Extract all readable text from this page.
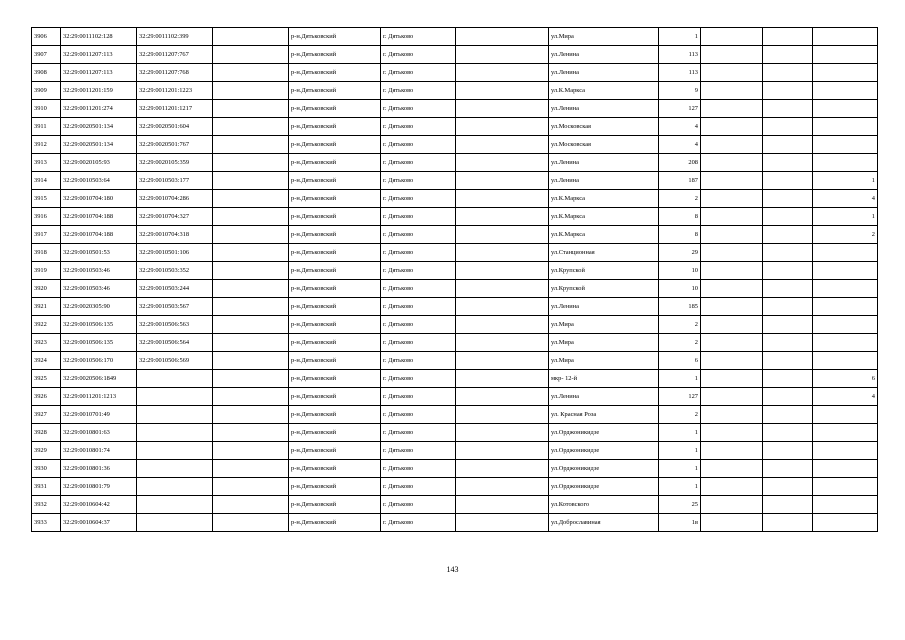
3906	32:29:0011102:128	32:29:0011102:399		р-н.Дятьковский	г. Дятьково		ул.Мира	1			
3907	32:29:0011207:113	32:29:0011207:767		р-н.Дятьковский	г. Дятьково		ул.Ленина	113			
3908	32:29:0011207:113	32:29:0011207:768		р-н.Дятьковский	г. Дятьково		ул.Ленина	113			
3909	32:29:0011201:159	32:29:0011201:1223		р-н.Дятьковский	г. Дятьково		ул.К.Маркса	9			
3910	32:29:0011201:274	32:29:0011201:1217		р-н.Дятьковский	г. Дятьково		ул.Ленина	127			
3911	32:29:0020501:134	32:29:0020501:604		р-н.Дятьковский	г. Дятьково		ул.Московская	4			
3912	32:29:0020501:134	32:29:0020501:767		р-н.Дятьковский	г. Дятьково		ул.Московская	4			
3913	32:29:0020105:93	32:29:0020105:359		р-н.Дятьковский	г. Дятьково		ул.Ленина	208			
3914	32:29:0010503:64	32:29:0010503:177		р-н.Дятьковский	г. Дятьково		ул.Ленина	187			1
3915	32:29:0010704:180	32:29:0010704:286		р-н.Дятьковский	г. Дятьково		ул.К.Маркса	2			4
3916	32:29:0010704:188	32:29:0010704:327		р-н.Дятьковский	г. Дятьково		ул.К.Маркса	8			1
3917	32:29:0010704:188	32:29:0010704:318		р-н.Дятьковский	г. Дятьково		ул.К.Маркса	8			2
3918	32:29:0010501:53	32:29:0010501:106		р-н.Дятьковский	г. Дятьково		ул.Станционная	29			
3919	32:29:0010503:46	32:29:0010503:352		р-н.Дятьковский	г. Дятьково		ул.Крупской	10			
3920	32:29:0010503:46	32:29:0010503:244		р-н.Дятьковский	г. Дятьково		ул.Крупской	10			
3921	32:29:0020305:90	32:29:0010503:567		р-н.Дятьковский	г. Дятьково		ул.Ленина	185			
3922	32:29:0010506:135	32:29:0010506:563		р-н.Дятьковский	г. Дятьково		ул.Мира	2			
3923	32:29:0010506:135	32:29:0010506:564		р-н.Дятьковский	г. Дятьково		ул.Мира	2			
3924	32:29:0010506:170	32:29:0010506:569		р-н.Дятьковский	г. Дятьково		ул.Мира	6			
3925	32:29:0020506:1849			р-н.Дятьковский	г. Дятьково		мкр- 12-й	1			6
3926	32:29:0011201:1213			р-н.Дятьковский	г. Дятьково		ул.Ленина	127			4
3927	32:29:0010701:49			р-н.Дятьковский	г. Дятьково		ул. Красная Роза	2			
3928	32:29:0010801:63			р-н.Дятьковский	г. Дятьково		ул.Орджоникидзе	1			
3929	32:29:0010801:74			р-н.Дятьковский	г. Дятьково		ул.Орджоникидзе	1			
3930	32:29:0010801:36			р-н.Дятьковский	г. Дятьково		ул.Орджоникидзе	1			
3931	32:29:0010801:79			р-н.Дятьковский	г. Дятьково		ул.Орджоникидзе	1			
3932	32:29:0010604:42			р-н.Дятьковский	г. Дятьково		ул.Котовского	25			
3933	32:29:0010604:37			р-н.Дятьковский	г. Дятьково		ул.Доброславиная	1в			
143
